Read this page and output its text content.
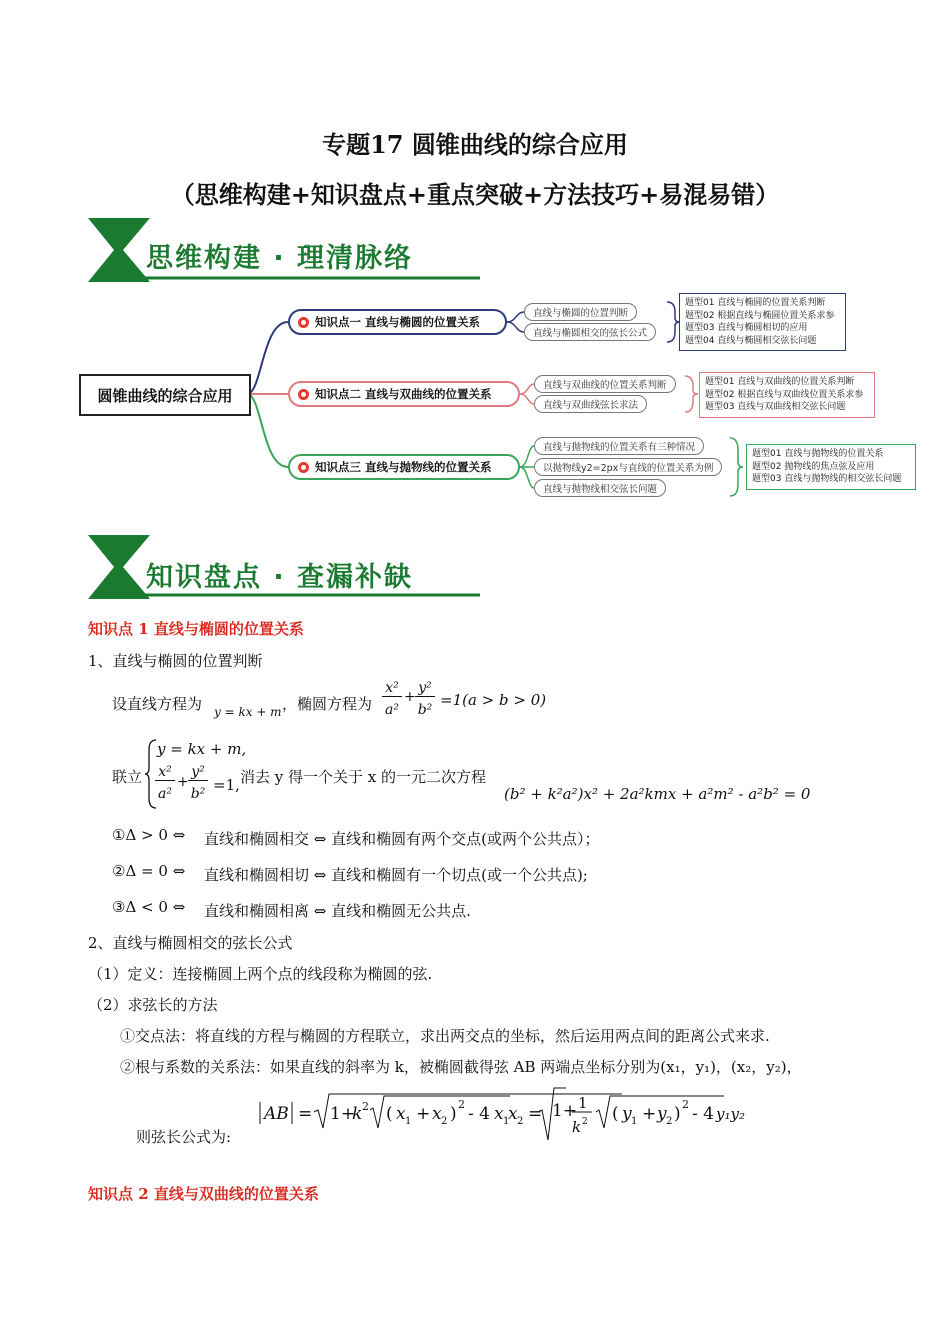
专题17 圆锥曲线的综合应用
（思维构建+知识盘点+重点突破+方法技巧+易混易错）
思维构建 · 理清脉络
圆锥曲线的综合应用
知识点一 直线与椭圆的位置关系
直线与椭圆的位置判断
直线与椭圆相交的弦长公式
题型01 直线与椭圆的位置关系判断
题型02 根据直线与椭圆位置关系求参
题型03 直线与椭圆相切的应用
题型04 直线与椭圆相交弦长问题
知识点二 直线与双曲线的位置关系
直线与双曲线的位置关系判断
直线与双曲线弦长求法
题型01 直线与双曲线的位置关系判断
题型02 根据直线与双曲线位置关系求参
题型03 直线与双曲线相交弦长问题
知识点三 直线与抛物线的位置关系
直线与抛物线的位置关系有三种情况
以抛物线y2=2px与直线的位置关系为例
直线与抛物线相交弦长问题
题型01 直线与抛物线的位置关系
题型02 抛物线的焦点弦及应用
题型03 直线与抛物线的相交弦长问题
知识盘点 · 查漏补缺
知识点 1 直线与椭圆的位置关系
1、直线与椭圆的位置判断
设直线方程为 y = kx + m ，椭圆方程为
x²
a²
+
y²
b²
=1(a > b > 0)
联立
y = kx + m,
x²
a²
+
y²
b² =1, 消去 y 得一个关于 x 的一元二次方程
(b² + k²a²)x² + 2a²kmx + a²m² - a²b² = 0
①Δ > 0 ⇔ 直线和椭圆相交 ⇔ 直线和椭圆有两个交点(或两个公共点）；
②Δ = 0 ⇔ 直线和椭圆相切 ⇔ 直线和椭圆有一个切点(或一个公共点);
③Δ < 0 ⇔ 直线和椭圆相离 ⇔ 直线和椭圆无公共点.
2、直线与椭圆相交的弦长公式
（1）定义：连接椭圆上两个点的线段称为椭圆的弦.
（2）求弦长的方法
①交点法：将直线的方程与椭圆的方程联立，求出两交点的坐标，然后运用两点间的距离公式来求.
②根与系数的关系法：如果直线的斜率为 k，被椭圆截得弦 AB 两端点坐标分别为(x₁，y₁)，(x₂，y₂)，
则弦长公式为:
AB = 1+
k 2 ( x 1 + x 2 ) 2 - 4 x 1
x 2 = 1+ 1
k 2 ( y 1 + y 2 ) 2 - 4 y₁y₂
知识点 2 直线与双曲线的位置关系
